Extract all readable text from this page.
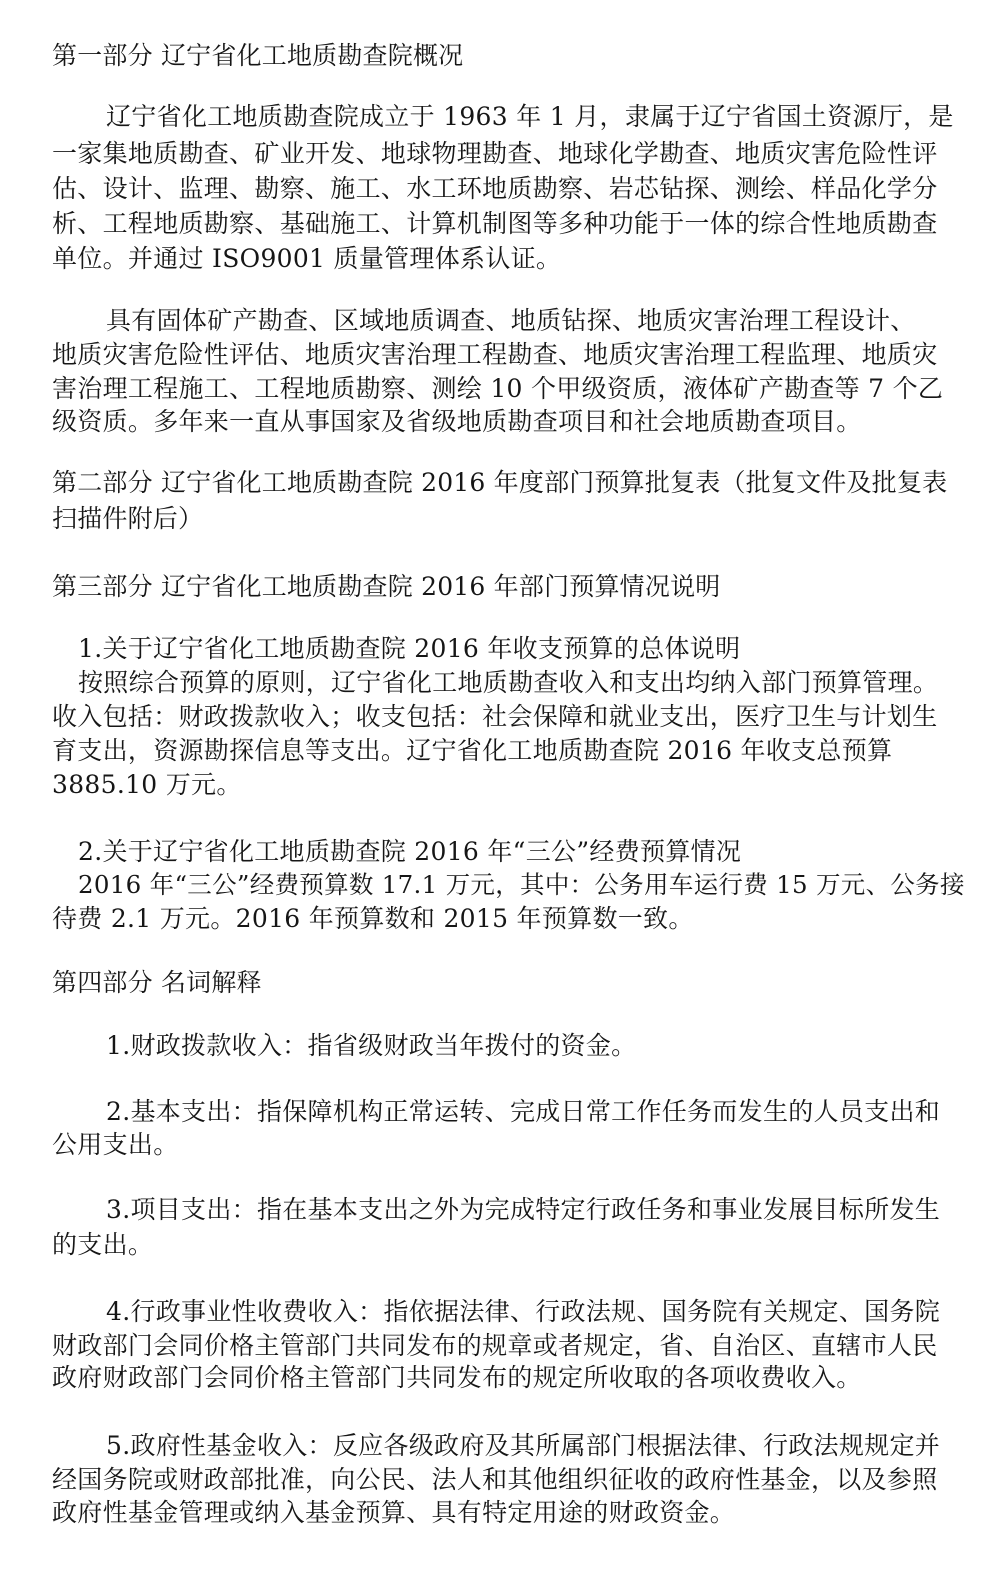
第一部分 辽宁省化工地质勘查院概况
辽宁省化工地质勘查院成立于 1963 年 1 月，隶属于辽宁省国土资源厅，是
一家集地质勘查、矿业开发、地球物理勘查、地球化学勘查、地质灾害危险性评
估、设计、监理、勘察、施工、水工环地质勘察、岩芯钻探、测绘、样品化学分
析、工程地质勘察、基础施工、计算机制图等多种功能于一体的综合性地质勘查
单位。并通过 ISO9001 质量管理体系认证。
具有固体矿产勘查、区域地质调查、地质钻探、地质灾害治理工程设计、
地质灾害危险性评估、地质灾害治理工程勘查、地质灾害治理工程监理、地质灾
害治理工程施工、工程地质勘察、测绘 10 个甲级资质，液体矿产勘查等 7 个乙
级资质。多年来一直从事国家及省级地质勘查项目和社会地质勘查项目。
第二部分 辽宁省化工地质勘查院 2016 年度部门预算批复表（批复文件及批复表
扫描件附后）
第三部分 辽宁省化工地质勘查院 2016 年部门预算情况说明
1.关于辽宁省化工地质勘查院 2016 年收支预算的总体说明
按照综合预算的原则，辽宁省化工地质勘查收入和支出均纳入部门预算管理。
收入包括：财政拨款收入；收支包括：社会保障和就业支出，医疗卫生与计划生
育支出，资源勘探信息等支出。辽宁省化工地质勘查院 2016 年收支总预算
3885.10 万元。
2.关于辽宁省化工地质勘查院 2016 年“三公”经费预算情况
2016 年“三公”经费预算数 17.1 万元，其中：公务用车运行费 15 万元、公务接
待费 2.1 万元。2016 年预算数和 2015 年预算数一致。
第四部分 名词解释
1.财政拨款收入：指省级财政当年拨付的资金。
2.基本支出：指保障机构正常运转、完成日常工作任务而发生的人员支出和
公用支出。
3.项目支出：指在基本支出之外为完成特定行政任务和事业发展目标所发生
的支出。
4.行政事业性收费收入：指依据法律、行政法规、国务院有关规定、国务院
财政部门会同价格主管部门共同发布的规章或者规定，省、自治区、直辖市人民
政府财政部门会同价格主管部门共同发布的规定所收取的各项收费收入。
5.政府性基金收入：反应各级政府及其所属部门根据法律、行政法规规定并
经国务院或财政部批准，向公民、法人和其他组织征收的政府性基金，以及参照
政府性基金管理或纳入基金预算、具有特定用途的财政资金。
